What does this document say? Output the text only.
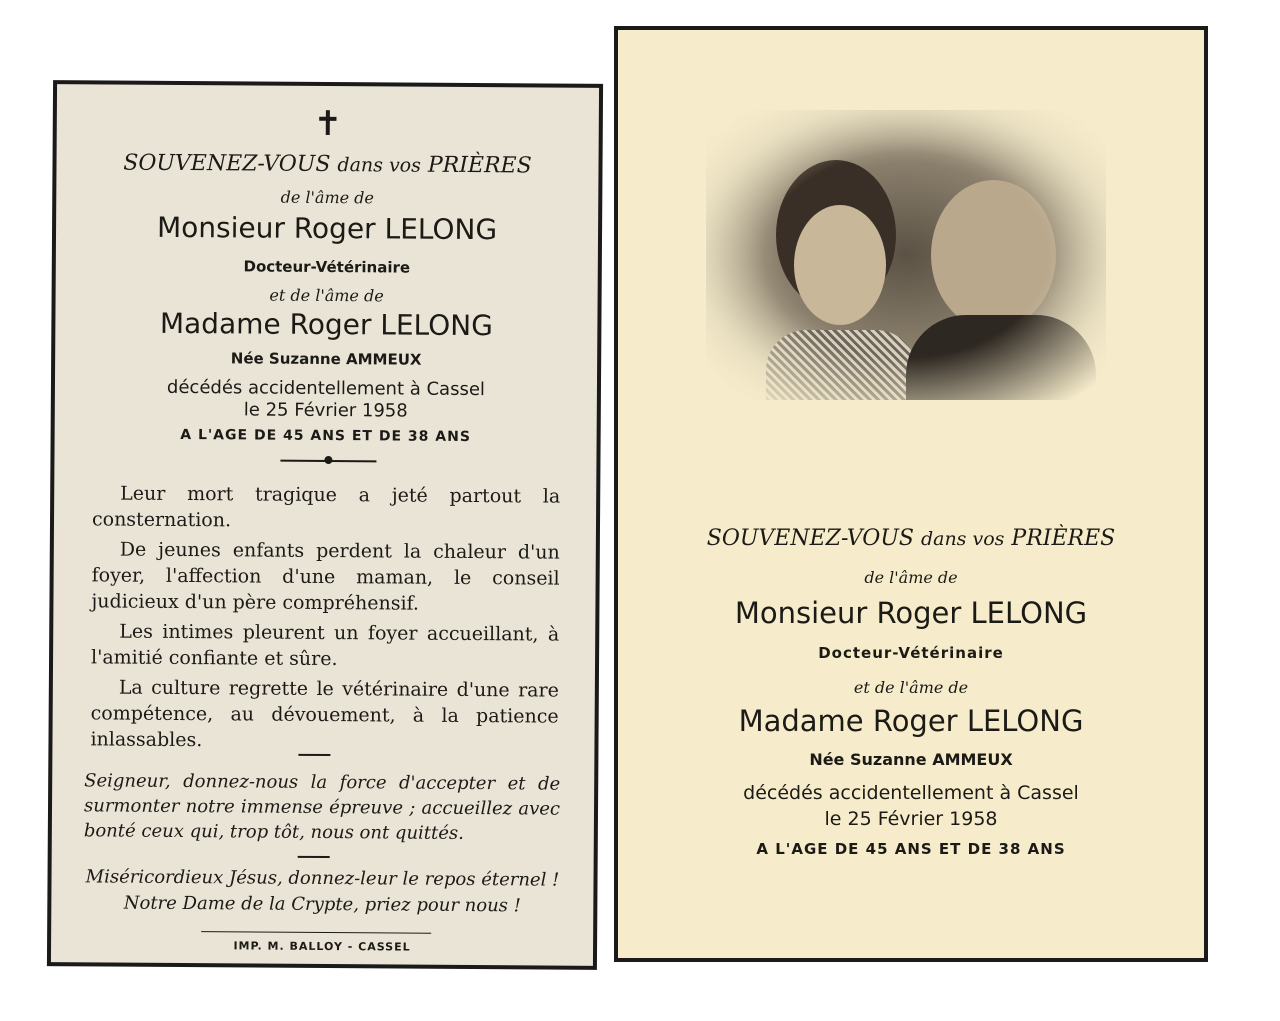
✝
SOUVENEZ-VOUS dans vos PRIÈRES
de l'âme de
Monsieur Roger LELONG
Docteur-Vétérinaire
et de l'âme de
Madame Roger LELONG
Née Suzanne AMMEUX
décédés accidentellement à Cassel
le 25 Février 1958
A L'AGE DE 45 ANS ET DE 38 ANS

Leur mort tragique a jeté partout la consternation.

De jeunes enfants perdent la chaleur d'un foyer, l'affection d'une maman, le conseil judicieux d'un père compréhensif.

Les intimes pleurent un foyer accueillant, à l'amitié confiante et sûre.

La culture regrette le vétérinaire d'une rare compétence, au dévouement, à la patience inlassables.

Seigneur, donnez-nous la force d'accepter et de surmonter notre immense épreuve ; accueillez avec bonté ceux qui, trop tôt, nous ont quittés.

Miséricordieux Jésus, donnez-leur le repos éternel !
Notre Dame de la Crypte, priez pour nous !
IMP. M. BALLOY - CASSEL
SOUVENEZ-VOUS dans vos PRIÈRES
de l'âme de
Monsieur Roger LELONG
Docteur-Vétérinaire
et de l'âme de
Madame Roger LELONG
Née Suzanne AMMEUX
décédés accidentellement à Cassel
le 25 Février 1958
A L'AGE DE 45 ANS ET DE 38 ANS
